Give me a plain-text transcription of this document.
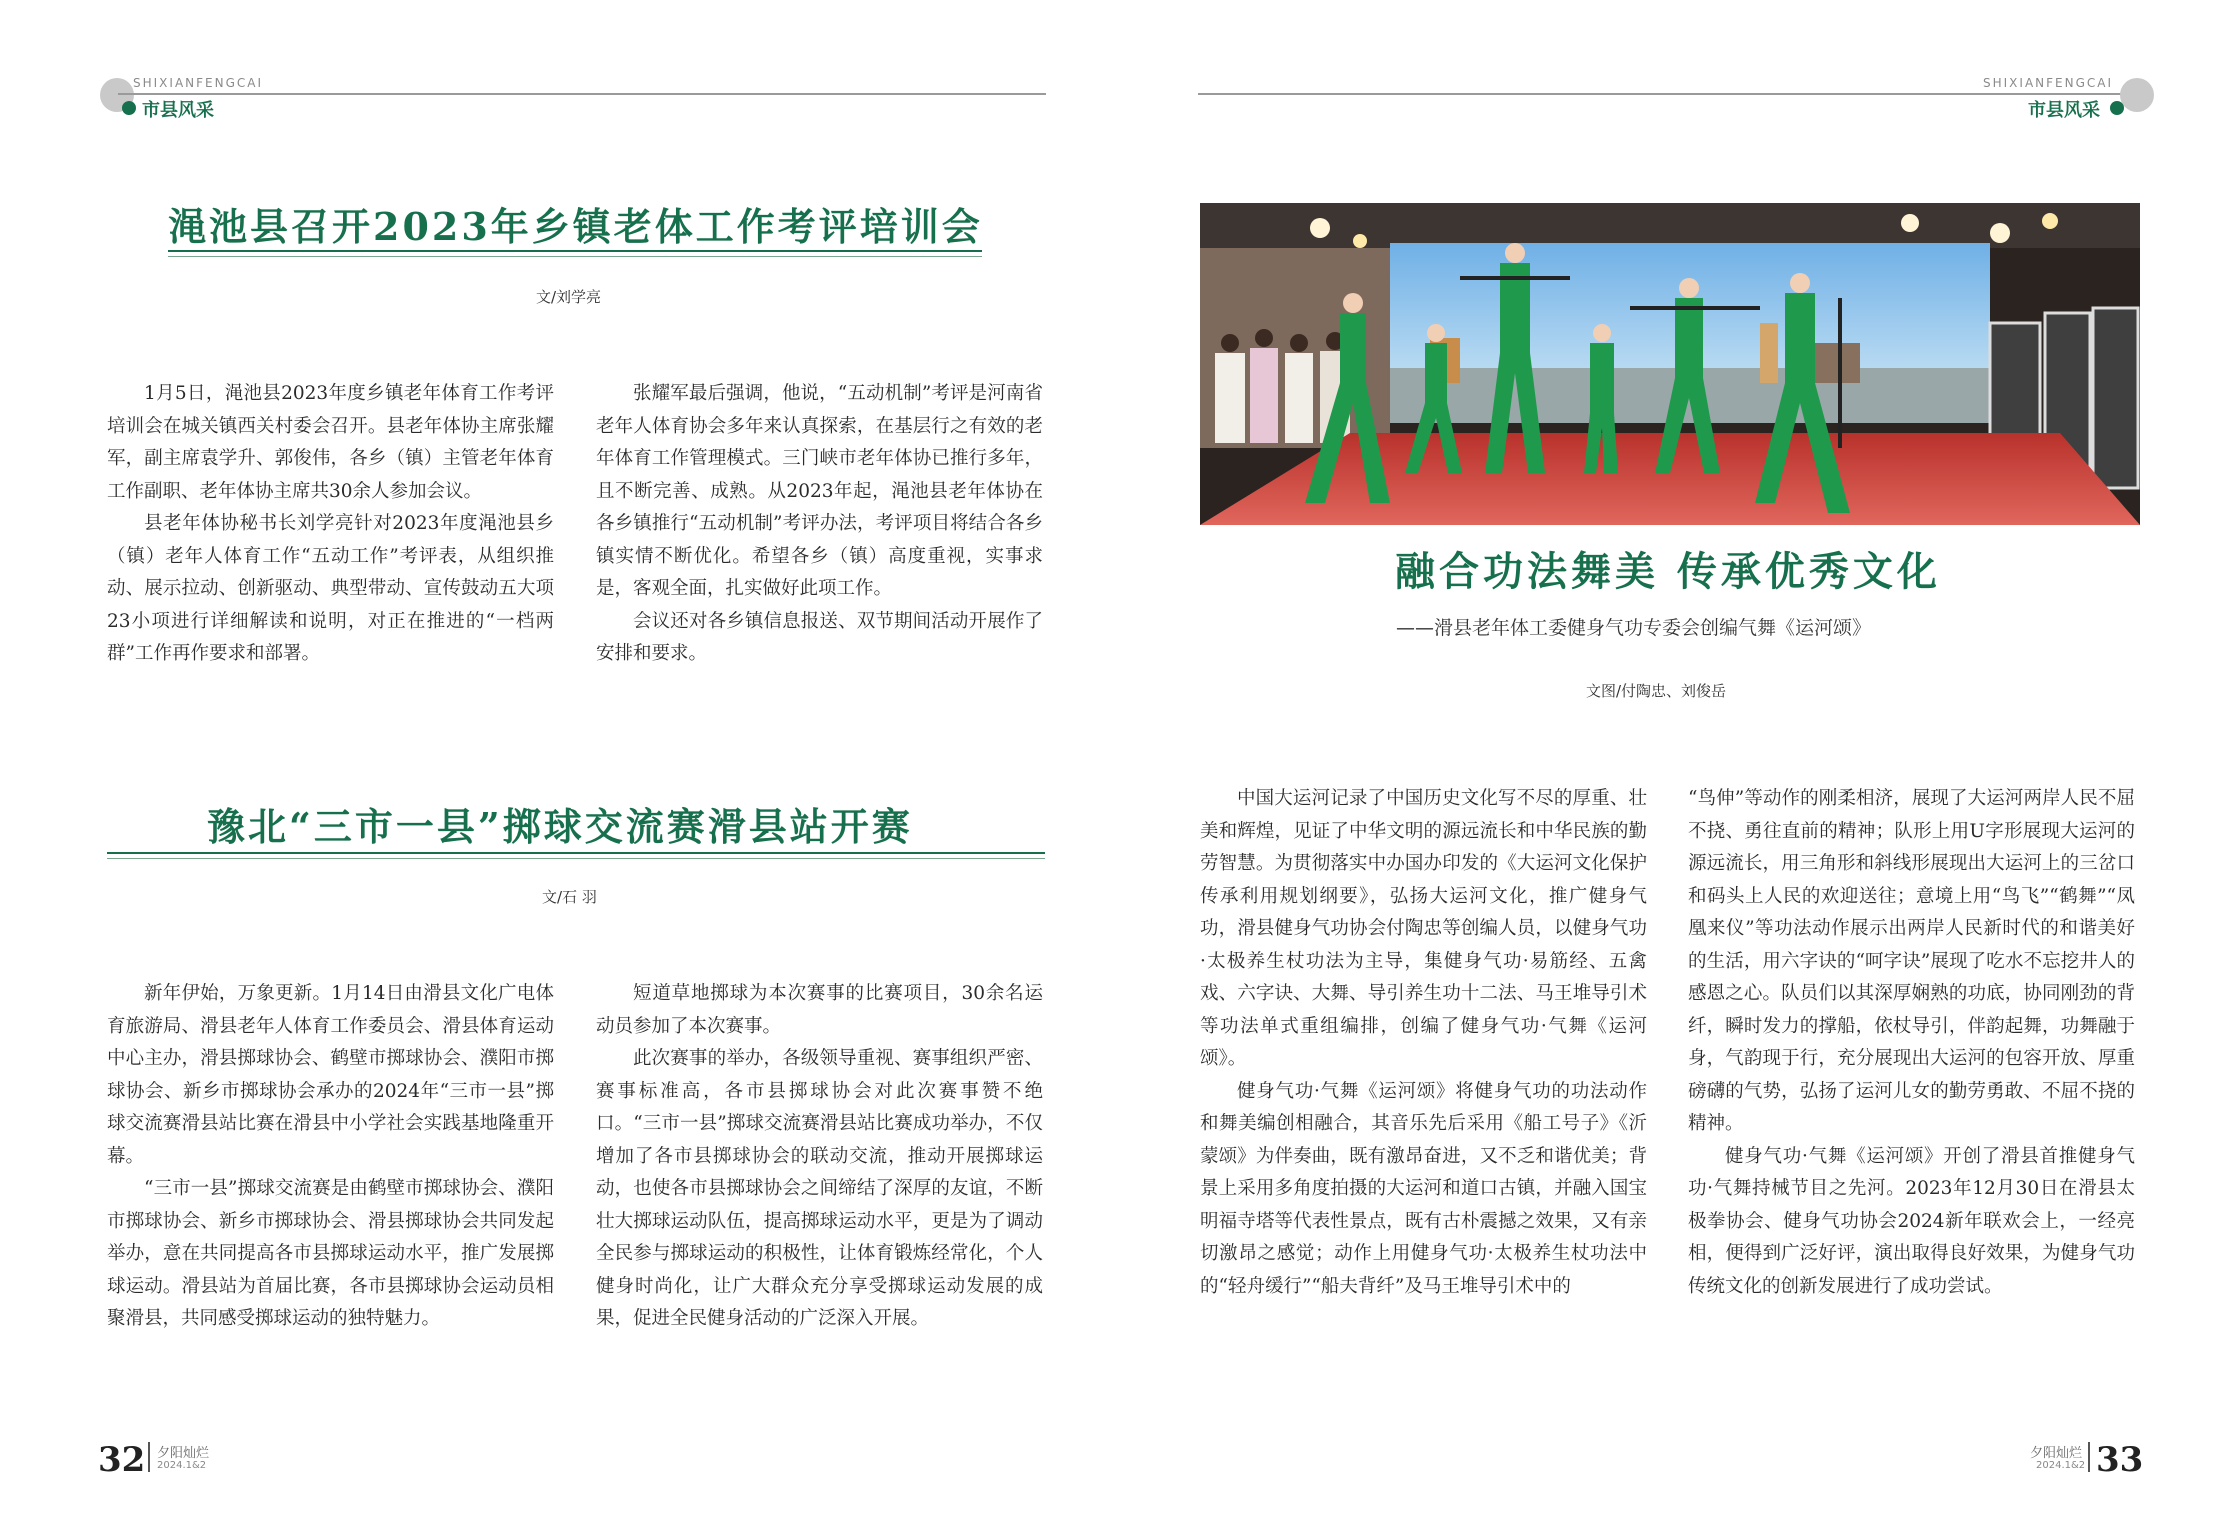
SHIXIANFENGCAI
市县风采
渑池县召开2023年乡镇老体工作考评培训会
文/刘学亮

1月5日，渑池县2023年度乡镇老年体育工作考评培训会在城关镇西关村委会召开。县老年体协主席张耀军，副主席袁学升、郭俊伟，各乡（镇）主管老年体育工作副职、老年体协主席共30余人参加会议。

县老年体协秘书长刘学亮针对2023年度渑池县乡（镇）老年人体育工作“五动工作”考评表，从组织推动、展示拉动、创新驱动、典型带动、宣传鼓动五大项23小项进行详细解读和说明，对正在推进的“一档两群”工作再作要求和部署。

张耀军最后强调，他说，“五动机制”考评是河南省老年人体育协会多年来认真探索，在基层行之有效的老年体育工作管理模式。三门峡市老年体协已推行多年，且不断完善、成熟。从2023年起，渑池县老年体协在各乡镇推行“五动机制”考评办法，考评项目将结合各乡镇实情不断优化。希望各乡（镇）高度重视，实事求是，客观全面，扎实做好此项工作。

会议还对各乡镇信息报送、双节期间活动开展作了安排和要求。

豫北“三市一县”掷球交流赛滑县站开赛
文/石 羽

新年伊始，万象更新。1月14日由滑县文化广电体育旅游局、滑县老年人体育工作委员会、滑县体育运动中心主办，滑县掷球协会、鹤壁市掷球协会、濮阳市掷球协会、新乡市掷球协会承办的2024年“三市一县”掷球交流赛滑县站比赛在滑县中小学社会实践基地隆重开幕。

“三市一县”掷球交流赛是由鹤壁市掷球协会、濮阳市掷球协会、新乡市掷球协会、滑县掷球协会共同发起举办，意在共同提高各市县掷球运动水平，推广发展掷球运动。滑县站为首届比赛，各市县掷球协会运动员相聚滑县，共同感受掷球运动的独特魅力。

短道草地掷球为本次赛事的比赛项目，30余名运动员参加了本次赛事。

此次赛事的举办，各级领导重视、赛事组织严密、赛事标准高，各市县掷球协会对此次赛事赞不绝口。“三市一县”掷球交流赛滑县站比赛成功举办，不仅增加了各市县掷球协会的联动交流，推动开展掷球运动，也使各市县掷球协会之间缔结了深厚的友谊，不断壮大掷球运动队伍，提高掷球运动水平，更是为了调动全民参与掷球运动的积极性，让体育锻炼经常化，个人健身时尚化，让广大群众充分享受掷球运动发展的成果，促进全民健身活动的广泛深入开展。

32 夕阳灿烂
2024.1&2
SHIXIANFENGCAI
市县风采
融合功法舞美 传承优秀文化
——滑县老年体工委健身气功专委会创编气舞《运河颂》
文图/付陶忠、刘俊岳

中国大运河记录了中国历史文化写不尽的厚重、壮美和辉煌，见证了中华文明的源远流长和中华民族的勤劳智慧。为贯彻落实中办国办印发的《大运河文化保护传承利用规划纲要》，弘扬大运河文化，推广健身气功，滑县健身气功协会付陶忠等创编人员，以健身气功·太极养生杖功法为主导，集健身气功·易筋经、五禽戏、六字诀、大舞、导引养生功十二法、马王堆导引术等功法单式重组编排，创编了健身气功·气舞《运河颂》。

健身气功·气舞《运河颂》将健身气功的功法动作和舞美编创相融合，其音乐先后采用《船工号子》《沂蒙颂》为伴奏曲，既有激昂奋进，又不乏和谐优美；背景上采用多角度拍摄的大运河和道口古镇，并融入国宝明福寺塔等代表性景点，既有古朴震撼之效果，又有亲切激昂之感觉；动作上用健身气功·太极养生杖功法中的“轻舟缓行”“船夫背纤”及马王堆导引术中的

“鸟伸”等动作的刚柔相济，展现了大运河两岸人民不屈不挠、勇往直前的精神；队形上用U字形展现大运河的源远流长，用三角形和斜线形展现出大运河上的三岔口和码头上人民的欢迎送往；意境上用“鸟飞”“鹤舞”“凤凰来仪”等功法动作展示出两岸人民新时代的和谐美好的生活，用六字诀的“呵字诀”展现了吃水不忘挖井人的感恩之心。队员们以其深厚娴熟的功底，协同刚劲的背纤，瞬时发力的撑船，依杖导引，伴韵起舞，功舞融于身，气韵现于行，充分展现出大运河的包容开放、厚重磅礴的气势，弘扬了运河儿女的勤劳勇敢、不屈不挠的精神。

健身气功·气舞《运河颂》开创了滑县首推健身气功·气舞持械节目之先河。2023年12月30日在滑县太极拳协会、健身气功协会2024新年联欢会上，一经亮相，便得到广泛好评，演出取得良好效果，为健身气功传统文化的创新发展进行了成功尝试。

夕阳灿烂
2024.1&2 33
